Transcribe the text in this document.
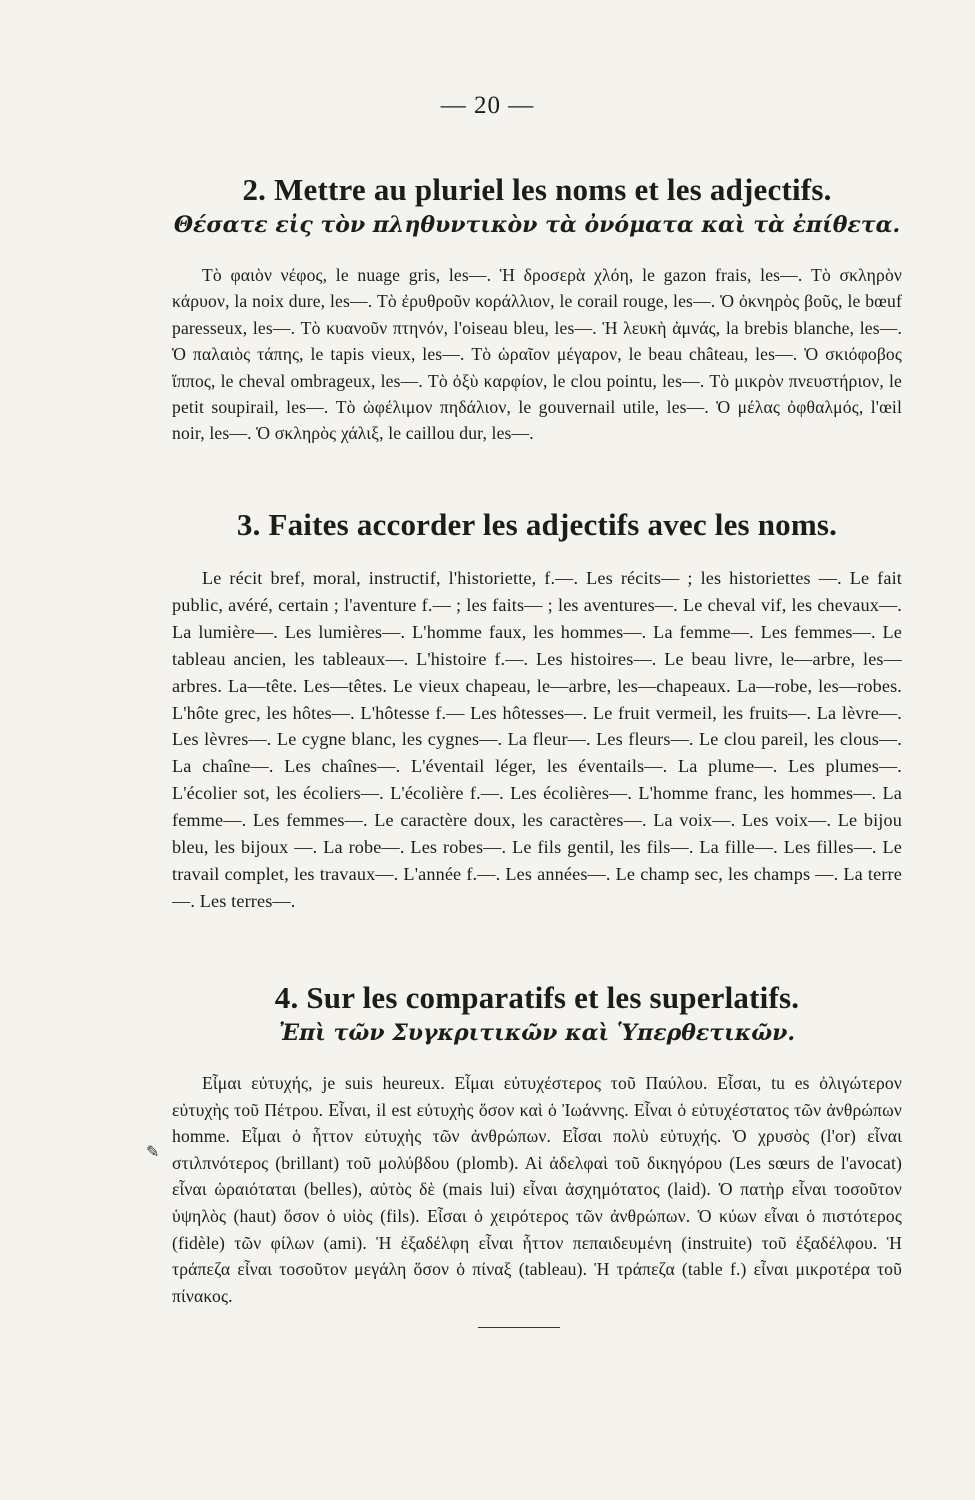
— 20 —
2. Mettre au pluriel les noms et les adjectifs.
Θέσατε εἰς τὸν πληθυντικὸν τὰ ὀνόματα καὶ τὰ ἐπίθετα.

Τὸ φαιὸν νέφος, le nuage gris, les—. Ἡ δροσερὰ χλόη, le gazon frais, les—. Τὸ σκληρὸν κάρυον, la noix dure, les—. Τὸ ἐρυθροῦν κοράλλιον, le corail rouge, les—. Ὁ ὀκνηρὸς βοῦς, le bœuf paresseux, les—. Τὸ κυανοῦν πτηνόν, l'oiseau bleu, les—. Ἡ λευκὴ ἀμνάς, la brebis blanche, les—. Ὁ παλαιὸς τάπης, le tapis vieux, les—. Τὸ ὡραῖον μέγαρον, le beau château, les—. Ὁ σκιόφοβος ἵππος, le cheval ombrageux, les—. Τὸ ὀξὺ καρφίον, le clou pointu, les—. Τὸ μικρὸν πνευστήριον, le petit soupirail, les—. Τὸ ὠφέλιμον πηδάλιον, le gouvernail utile, les—. Ὁ μέλας ὀφθαλμός, l'œil noir, les—. Ὁ σκληρὸς χάλιξ, le caillou dur, les—.

3. Faites accorder les adjectifs avec les noms.

Le récit bref, moral, instructif, l'historiette, f.—. Les récits— ; les historiettes —. Le fait public, avéré, certain ; l'aventure f.— ; les faits— ; les aventures—. Le cheval vif, les chevaux—. La lumière—. Les lumières—. L'homme faux, les hommes—. La femme—. Les femmes—. Le tableau ancien, les tableaux—. L'histoire f.—. Les histoires—. Le beau livre, le—arbre, les—arbres. La—tête. Les—têtes. Le vieux chapeau, le—arbre, les—chapeaux. La—robe, les—robes. L'hôte grec, les hôtes—. L'hôtesse f.— Les hôtesses—. Le fruit vermeil, les fruits—. La lèvre—. Les lèvres—. Le cygne blanc, les cygnes—. La fleur—. Les fleurs—. Le clou pareil, les clous—. La chaîne—. Les chaînes—. L'éventail léger, les éventails—. La plume—. Les plumes—. L'écolier sot, les écoliers—. L'écolière f.—. Les écolières—. L'homme franc, les hommes—. La femme—. Les femmes—. Le caractère doux, les caractères—. La voix—. Les voix—. Le bijou bleu, les bijoux —. La robe—. Les robes—. Le fils gentil, les fils—. La fille—. Les filles—. Le travail complet, les travaux—. L'année f.—. Les années—. Le champ sec, les champs —. La terre—. Les terres—.

4. Sur les comparatifs et les superlatifs.
Ἐπὶ τῶν Συγκριτικῶν καὶ Ὑπερθετικῶν.

Εἶμαι εὐτυχής, je suis heureux. Εἶμαι εὐτυχέστερος τοῦ Παύλου. Εἶσαι, tu es ὀλιγώτερον εὐτυχὴς τοῦ Πέτρου. Εἶναι, il est εὐτυχὴς ὅσον καὶ ὁ Ἰωάννης. Εἶναι ὁ εὐτυχέστατος τῶν ἀνθρώπων homme. Εἶμαι ὁ ἧττον εὐτυχὴς τῶν ἀνθρώπων. Εἶσαι πολὺ εὐτυχής. Ὁ χρυσὸς (l'or) εἶναι στιλπνότερος (brillant) τοῦ μολύβδου (plomb). Αἱ ἀδελφαὶ τοῦ δικηγόρου (Les sœurs de l'avocat) εἶναι ὡραιόταται (belles), αὐτὸς δὲ (mais lui) εἶναι ἀσχημότατος (laid). Ὁ πατὴρ εἶναι τοσοῦτον ὑψηλὸς (haut) ὅσον ὁ υἱὸς (fils). Εἶσαι ὁ χειρότερος τῶν ἀνθρώπων. Ὁ κύων εἶναι ὁ πιστότερος (fidèle) τῶν φίλων (ami). Ἡ ἐξαδέλφη εἶναι ἧττον πεπαιδευμένη (instruite) τοῦ ἐξαδέλφου. Ἡ τράπεζα εἶναι τοσοῦτον μεγάλη ὅσον ὁ πίναξ (tableau). Ἡ τράπεζα (table f.) εἶναι μικροτέρα τοῦ πίνακος.

✎
